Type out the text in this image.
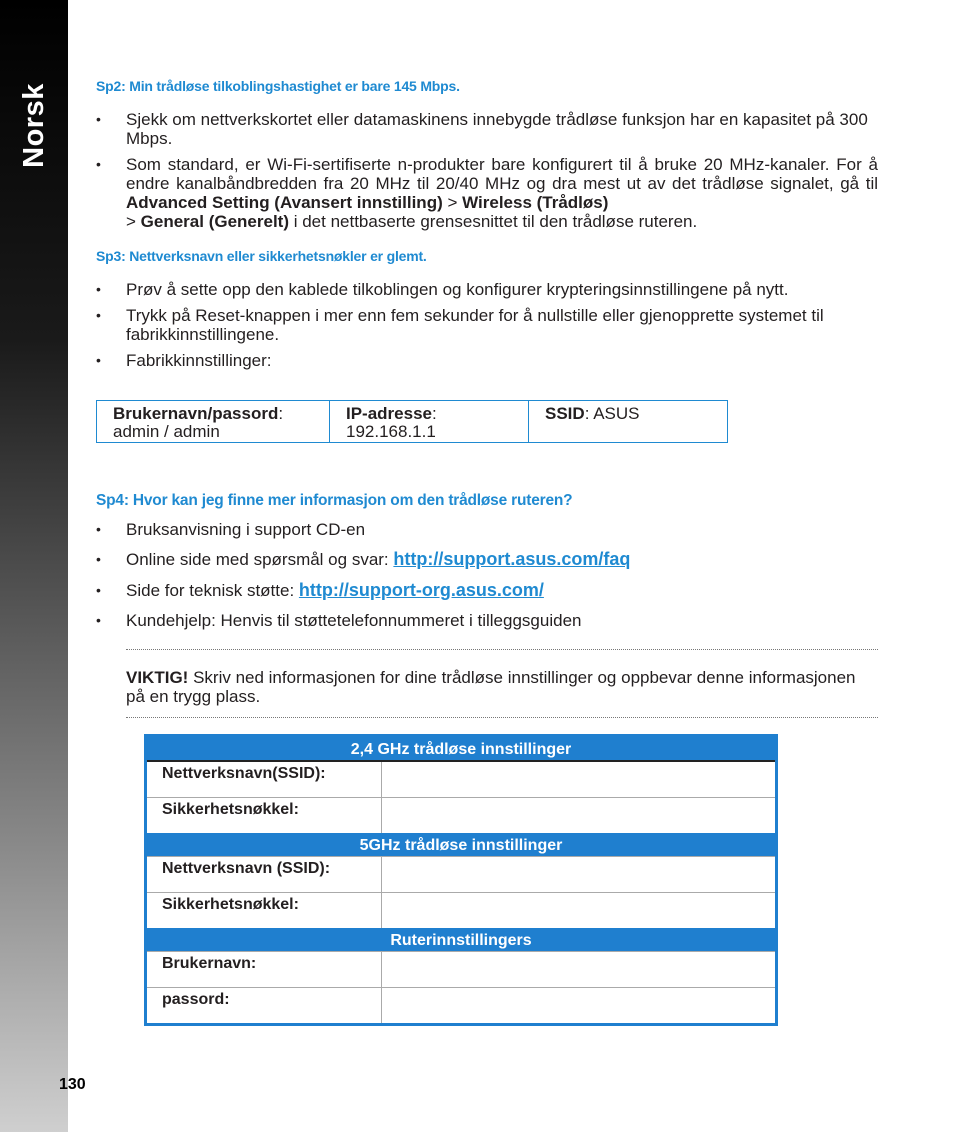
Norsk	Sp2: Min trådløse tilkoblingshastighet er bare 145 Mbps.
• Sjekk om nettverkskortet eller datamaskinens innebygde trådløse funksjon har en kapasitet på 300 Mbps.
• Som standard, er Wi-Fi-sertifiserte n-produkter bare konfigurert til å bruke 20 MHz-kanaler. For å endre kanalbåndbredden fra 20 MHz til 20/40 MHz og dra mest ut av det trådløse signalet, gå til Advanced Setting (Avansert innstilling) > Wireless (Trådløs)
> General (Generelt) i det nettbaserte grensesnittet til den trådløse ruteren.
Sp3: Nettverksnavn eller sikkerhetsnøkler er glemt.
• Prøv å sette opp den kablede tilkoblingen og konfigurer krypteringsinnstillingene på nytt.
• Trykk på Reset-knappen i mer enn fem sekunder for å nullstille eller gjenopprette systemet til fabrikkinnstillingene.
• Fabrikkinnstillinger:
Brukernavn/passord:
admin / admin
IP-adresse:
192.168.1.1
SSID: ASUS
Sp4: Hvor kan jeg finne mer informasjon om den trådløse ruteren?
• Bruksanvisning i support CD-en
• Online side med spørsmål og svar: http://support.asus.com/faq
• Side for teknisk støtte: http://support-org.asus.com/
• Kundehjelp: Henvis til støttetelefonnummeret i tilleggsguiden
VIKTIG! Skriv ned informasjonen for dine trådløse innstillinger og oppbevar denne informasjonen på en trygg plass.
2,4 GHz trådløse innstillinger
Nettverksnavn(SSID):
Sikkerhetsnøkkel:
5GHz trådløse innstillinger
Nettverksnavn (SSID):
Sikkerhetsnøkkel:
Ruterinnstillingers
Brukernavn:
passord:
130
